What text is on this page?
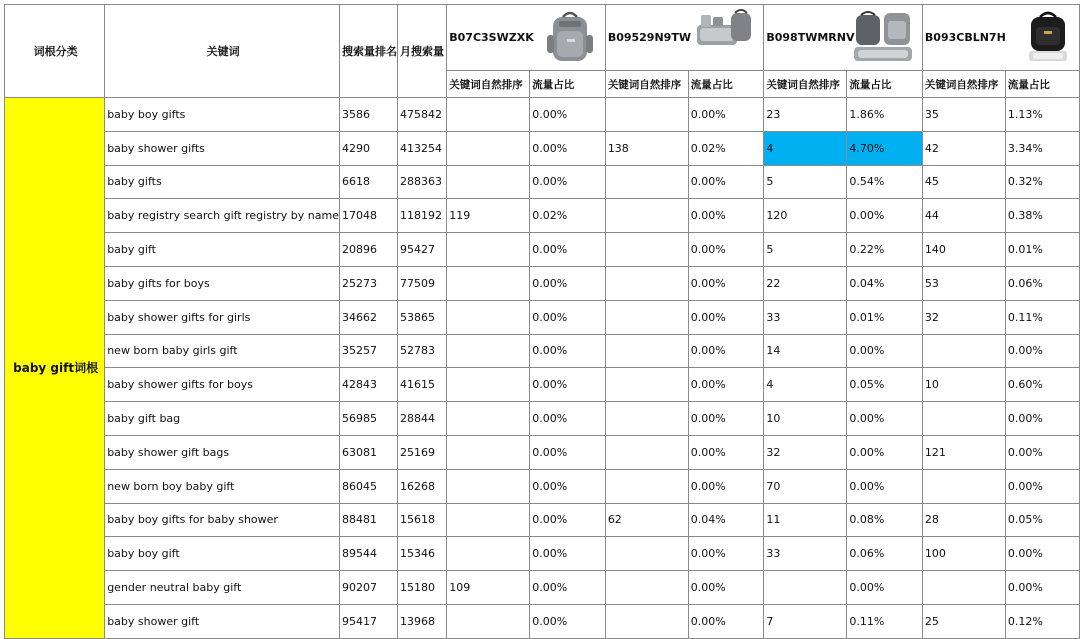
词根分类	关键词	搜索量排名	月搜索量	B07C3SWZXK		B09529N9TW		B098TWMRNV		B093CBLN7H	

				关键词自然排序	流量占比	关键词自然排序	流量占比	关键词自然排序	流量占比	关键词自然排序	流量占比
baby gift词根	baby boy gifts	3586	475842		0.00%		0.00%	23	1.86%	35	1.13%
	baby shower gifts	4290	413254		0.00%	138	0.02%	4	4.70%	42	3.34%
	baby gifts	6618	288363		0.00%		0.00%	5	0.54%	45	0.32%
	baby registry search gift registry by name	17048	118192	119	0.02%		0.00%	120	0.00%	44	0.38%
	baby gift	20896	95427		0.00%		0.00%	5	0.22%	140	0.01%
	baby gifts for boys	25273	77509		0.00%		0.00%	22	0.04%	53	0.06%
	baby shower gifts for girls	34662	53865		0.00%		0.00%	33	0.01%	32	0.11%
	new born baby girls gift	35257	52783		0.00%		0.00%	14	0.00%		0.00%
	baby shower gifts for boys	42843	41615		0.00%		0.00%	4	0.05%	10	0.60%
	baby gift bag	56985	28844		0.00%		0.00%	10	0.00%		0.00%
	baby shower gift bags	63081	25169		0.00%		0.00%	32	0.00%	121	0.00%
	new born boy baby gift	86045	16268		0.00%		0.00%	70	0.00%		0.00%
	baby boy gifts for baby shower	88481	15618		0.00%	62	0.04%	11	0.08%	28	0.05%
	baby boy gift	89544	15346		0.00%		0.00%	33	0.06%	100	0.00%
	gender neutral baby gift	90207	15180	109	0.00%		0.00%		0.00%		0.00%
	baby shower gift	95417	13968		0.00%		0.00%	7	0.11%	25	0.12%
